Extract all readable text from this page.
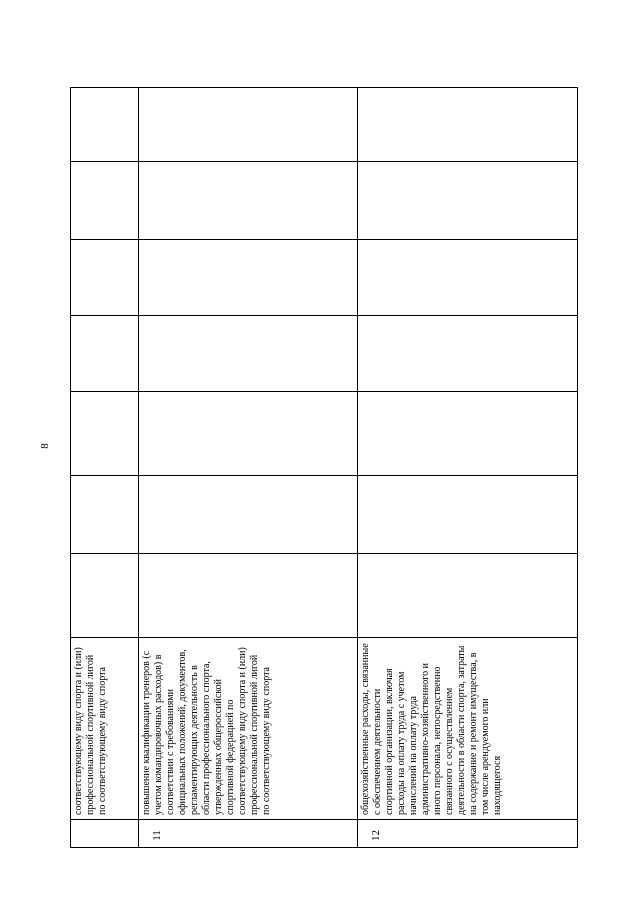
8
	соответствующему виду спорта и (или) профессиональной спортивной лигой по соответствующему виду спорта							
11	повышение квалификации тренеров (с учетом командировочных расходов) в соответствии с требованиями официальных положений, документов, регламентирующих деятельность в области профессионального спорта, утвержденных общероссийской спортивной федерацией по соответствующему виду спорта и (или) профессиональной спортивной лигой по соответствующему виду спорта							
12	общехозяйственные расходы, связанные с обеспечением деятельности спортивной организации, включая расходы на оплату труда с учетом начислений на оплату труда административно-хозяйственного и иного персонала, непосредственно связанного с осуществлением деятельности в области спорта, затраты на содержание и ремонт имущества, в том числе арендуемого или находящегося							
